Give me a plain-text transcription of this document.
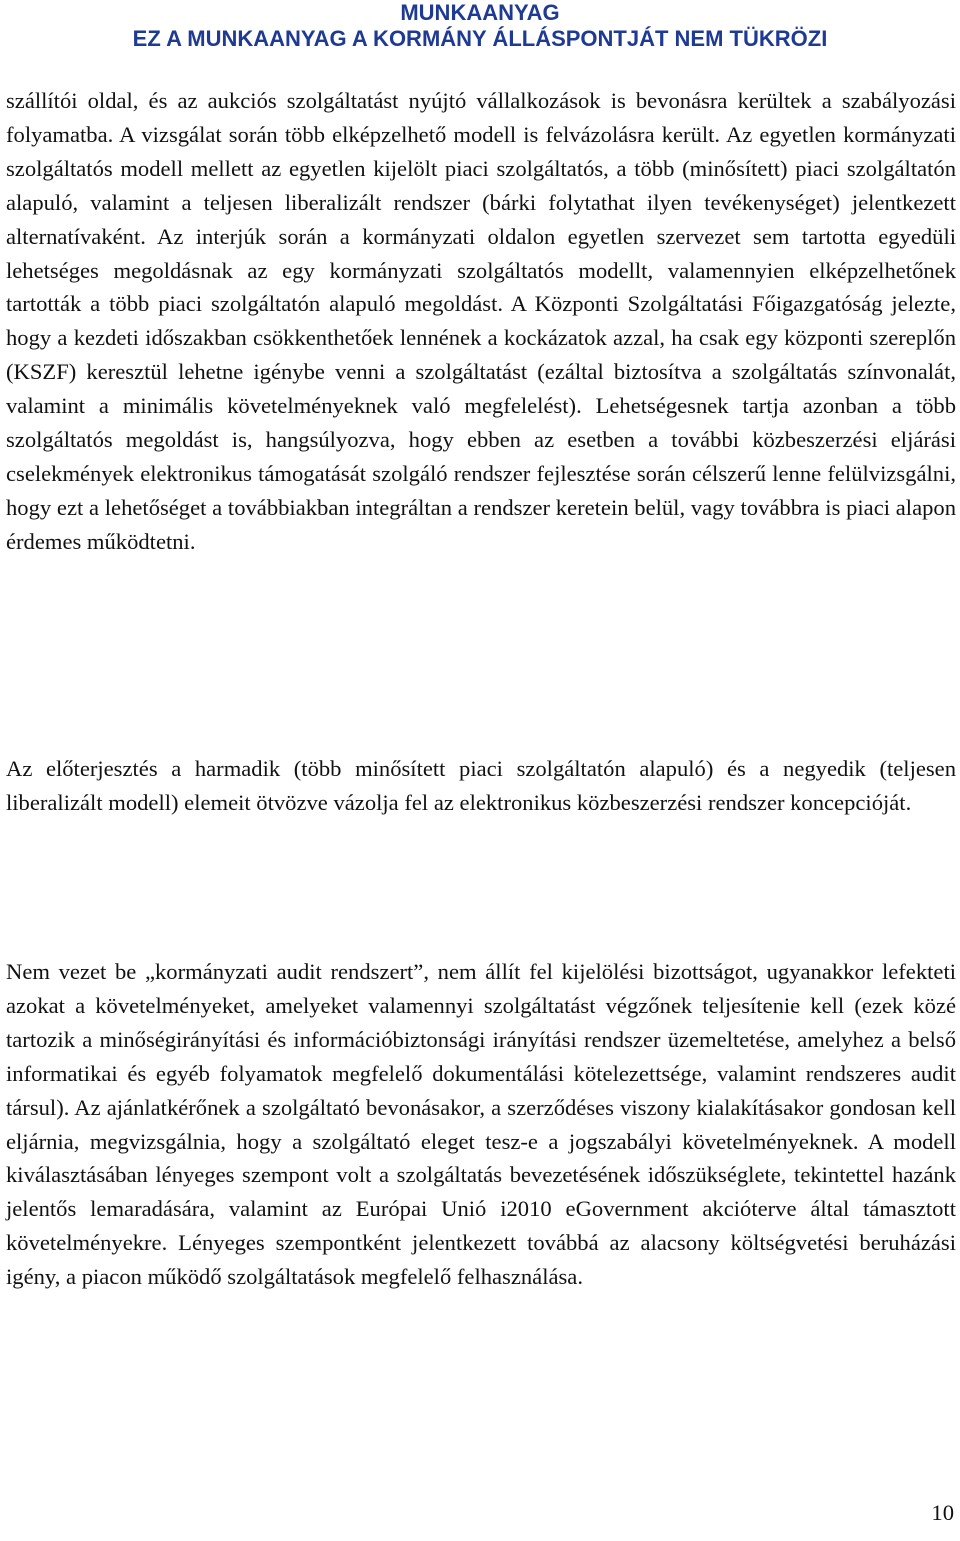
MUNKAANYAG
EZ A MUNKAANYAG A KORMÁNY ÁLLÁSPONTJÁT NEM TÜKRÖZI

szállítói oldal, és az aukciós szolgáltatást nyújtó vállalkozások is bevonásra kerültek a szabályozási folyamatba. A vizsgálat során több elképzelhető modell is felvázolásra került. Az egyetlen kormányzati szolgáltatós modell mellett az egyetlen kijelölt piaci szolgáltatós, a több (minősített) piaci szolgáltatón alapuló, valamint a teljesen liberalizált rendszer (bárki folytathat ilyen tevékenységet) jelentkezett alternatívaként. Az interjúk során a kormányzati oldalon egyetlen szervezet sem tartotta egyedüli lehetséges megoldásnak az egy kormányzati szolgáltatós modellt, valamennyien elképzelhetőnek tartották a több piaci szolgáltatón alapuló megoldást. A Központi Szolgáltatási Főigazgatóság jelezte, hogy a kezdeti időszakban csökkenthetőek lennének a kockázatok azzal, ha csak egy központi szereplőn (KSZF) keresztül lehetne igénybe venni a szolgáltatást (ezáltal biztosítva a szolgáltatás színvonalát, valamint a minimális követelményeknek való megfelelést). Lehetségesnek tartja azonban a több szolgáltatós megoldást is, hangsúlyozva, hogy ebben az esetben a további közbeszerzési eljárási cselekmények elektronikus támogatását szolgáló rendszer fejlesztése során célszerű lenne felülvizsgálni, hogy ezt a lehetőséget a továbbiakban integráltan a rendszer keretein belül, vagy továbbra is piaci alapon érdemes működtetni.

Az előterjesztés a harmadik (több minősített piaci szolgáltatón alapuló) és a negyedik (teljesen liberalizált modell) elemeit ötvözve vázolja fel az elektronikus közbeszerzési rendszer koncepcióját.

Nem vezet be „kormányzati audit rendszert”, nem állít fel kijelölési bizottságot, ugyanakkor lefekteti azokat a követelményeket, amelyeket valamennyi szolgáltatást végzőnek teljesítenie kell (ezek közé tartozik a minőségirányítási és információbiztonsági irányítási rendszer üzemeltetése, amelyhez a belső informatikai és egyéb folyamatok megfelelő dokumentálási kötelezettsége, valamint rendszeres audit társul). Az ajánlatkérőnek a szolgáltató bevonásakor, a szerződéses viszony kialakításakor gondosan kell eljárnia, megvizsgálnia, hogy a szolgáltató eleget tesz-e a jogszabályi követelményeknek. A modell kiválasztásában lényeges szempont volt a szolgáltatás bevezetésének időszükséglete, tekintettel hazánk jelentős lemaradására, valamint az Európai Unió i2010 eGovernment akcióterve által támasztott követelményekre. Lényeges szempontként jelentkezett továbbá az alacsony költségvetési beruházási igény, a piacon működő szolgáltatások megfelelő felhasználása.

10
